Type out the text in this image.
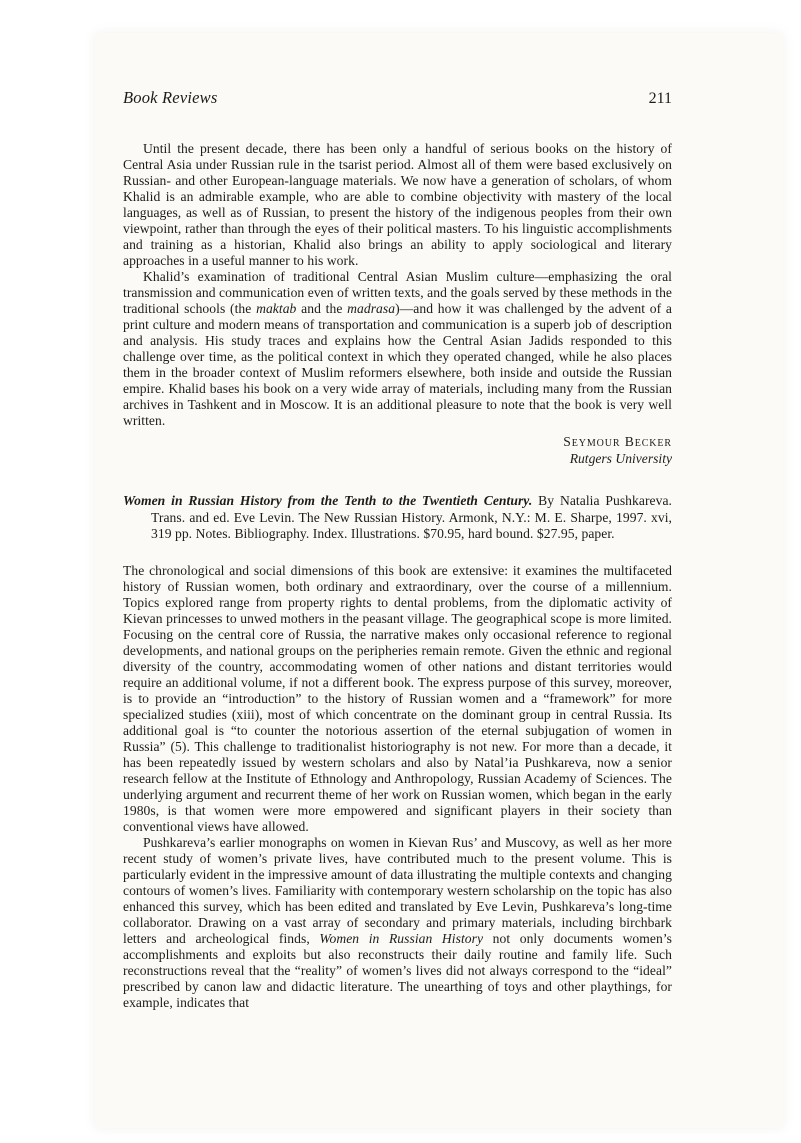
Book Reviews	211

Until the present decade, there has been only a handful of serious books on the history of Central Asia under Russian rule in the tsarist period. Almost all of them were based exclusively on Russian- and other European-language materials. We now have a generation of scholars, of whom Khalid is an admirable example, who are able to combine objectivity with mastery of the local languages, as well as of Russian, to present the history of the indigenous peoples from their own viewpoint, rather than through the eyes of their political masters. To his linguistic accomplishments and training as a historian, Khalid also brings an ability to apply sociological and literary approaches in a useful manner to his work.

Khalid’s examination of traditional Central Asian Muslim culture—emphasizing the oral transmission and communication even of written texts, and the goals served by these methods in the traditional schools (the maktab and the madrasa)—and how it was challenged by the advent of a print culture and modern means of transportation and communication is a superb job of description and analysis. His study traces and explains how the Central Asian Jadids responded to this challenge over time, as the political context in which they operated changed, while he also places them in the broader context of Muslim reformers elsewhere, both inside and outside the Russian empire. Khalid bases his book on a very wide array of materials, including many from the Russian archives in Tashkent and in Moscow. It is an additional pleasure to note that the book is very well written.

Seymour Becker
Rutgers University

Women in Russian History from the Tenth to the Twentieth Century. By Natalia Pushkareva. Trans. and ed. Eve Levin. The New Russian History. Armonk, N.Y.: M. E. Sharpe, 1997. xvi, 319 pp. Notes. Bibliography. Index. Illustrations. $70.95, hard bound. $27.95, paper.

The chronological and social dimensions of this book are extensive: it examines the multifaceted history of Russian women, both ordinary and extraordinary, over the course of a millennium. Topics explored range from property rights to dental problems, from the diplomatic activity of Kievan princesses to unwed mothers in the peasant village. The geographical scope is more limited. Focusing on the central core of Russia, the narrative makes only occasional reference to regional developments, and national groups on the peripheries remain remote. Given the ethnic and regional diversity of the country, accommodating women of other nations and distant territories would require an additional volume, if not a different book. The express purpose of this survey, moreover, is to provide an “introduction” to the history of Russian women and a “framework” for more specialized studies (xiii), most of which concentrate on the dominant group in central Russia. Its additional goal is “to counter the notorious assertion of the eternal subjugation of women in Russia” (5). This challenge to traditionalist historiography is not new. For more than a decade, it has been repeatedly issued by western scholars and also by Natal’ia Pushkareva, now a senior research fellow at the Institute of Ethnology and Anthropology, Russian Academy of Sciences. The underlying argument and recurrent theme of her work on Russian women, which began in the early 1980s, is that women were more empowered and significant players in their society than conventional views have allowed.

Pushkareva’s earlier monographs on women in Kievan Rus’ and Muscovy, as well as her more recent study of women’s private lives, have contributed much to the present volume. This is particularly evident in the impressive amount of data illustrating the multiple contexts and changing contours of women’s lives. Familiarity with contemporary western scholarship on the topic has also enhanced this survey, which has been edited and translated by Eve Levin, Pushkareva’s long-time collaborator. Drawing on a vast array of secondary and primary materials, including birchbark letters and archeological finds, Women in Russian History not only documents women’s accomplishments and exploits but also reconstructs their daily routine and family life. Such reconstructions reveal that the “reality” of women’s lives did not always correspond to the “ideal” prescribed by canon law and didactic literature. The unearthing of toys and other playthings, for example, indicates that
